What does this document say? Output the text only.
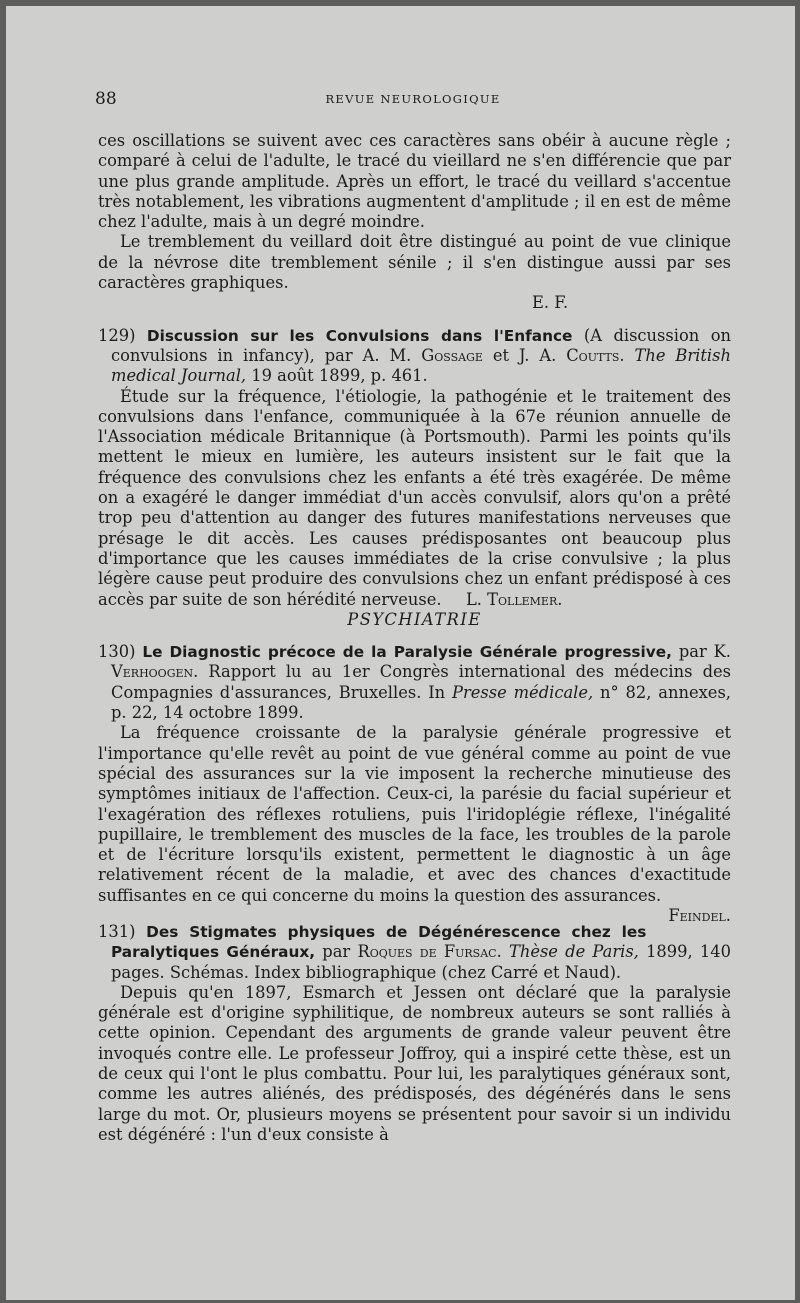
88	REVUE NEUROLOGIQUE

ces oscillations se suivent avec ces caractères sans obéir à aucune règle ; comparé à celui de l'adulte, le tracé du vieillard ne s'en différencie que par une plus grande amplitude. Après un effort, le tracé du veillard s'accentue très notablement, les vibrations augmentent d'amplitude ; il en est de même chez l'adulte, mais à un degré moindre.

Le tremblement du veillard doit être distingué au point de vue clinique de la névrose dite tremblement sénile ; il s'en distingue aussi par ses caractères graphiques.

E. F.          

129) Discussion sur les Convulsions dans l'Enfance (A discussion on convulsions in infancy), par A. M. Gossage et J. A. Coutts. The British medical Journal, 19 août 1899, p. 461.

Étude sur la fréquence, l'étiologie, la pathogénie et le traitement des convulsions dans l'enfance, communiquée à la 67e réunion annuelle de l'Association médicale Britannique (à Portsmouth). Parmi les points qu'ils mettent le mieux en lumière, les auteurs insistent sur le fait que la fréquence des convulsions chez les enfants a été très exagérée. De même on a exagéré le danger immédiat d'un accès convulsif, alors qu'on a prêté trop peu d'attention au danger des futures manifestations nerveuses que présage le dit accès. Les causes prédisposantes ont beaucoup plus d'importance que les causes immédiates de la crise convulsive ; la plus légère cause peut produire des convulsions chez un enfant prédisposé à ces accès par suite de son hérédité nerveuse.    L. Tollemer.

PSYCHIATRIE

130) Le Diagnostic précoce de la Paralysie Générale progressive, par K. Verhoogen. Rapport lu au 1er Congrès international des médecins des Compagnies d'assurances, Bruxelles. In Presse médicale, n° 82, annexes, p. 22, 14 octobre 1899.

La fréquence croissante de la paralysie générale progressive et l'importance qu'elle revêt au point de vue général comme au point de vue spécial des assurances sur la vie imposent la recherche minutieuse des symptômes initiaux de l'affection. Ceux-ci, la parésie du facial supérieur et l'exagération des réflexes rotuliens, puis l'iridoplégie réflexe, l'inégalité pupillaire, le tremblement des muscles de la face, les troubles de la parole et de l'écriture lorsqu'ils existent, permettent le diagnostic à un âge relativement récent de la maladie, et avec des chances d'exactitude suffisantes en ce qui concerne du moins la question des assurances.
Feindel.

131) Des Stigmates physiques de Dégénérescence chez les Paralytiques Généraux, par Roques de Fursac. Thèse de Paris, 1899, 140 pages. Schémas. Index bibliographique (chez Carré et Naud).

Depuis qu'en 1897, Esmarch et Jessen ont déclaré que la paralysie générale est d'origine syphilitique, de nombreux auteurs se sont ralliés à cette opinion. Cependant des arguments de grande valeur peuvent être invoqués contre elle. Le professeur Joffroy, qui a inspiré cette thèse, est un de ceux qui l'ont le plus combattu. Pour lui, les paralytiques généraux sont, comme les autres aliénés, des prédisposés, des dégénérés dans le sens large du mot. Or, plusieurs moyens se présentent pour savoir si un individu est dégénéré : l'un d'eux consiste à
